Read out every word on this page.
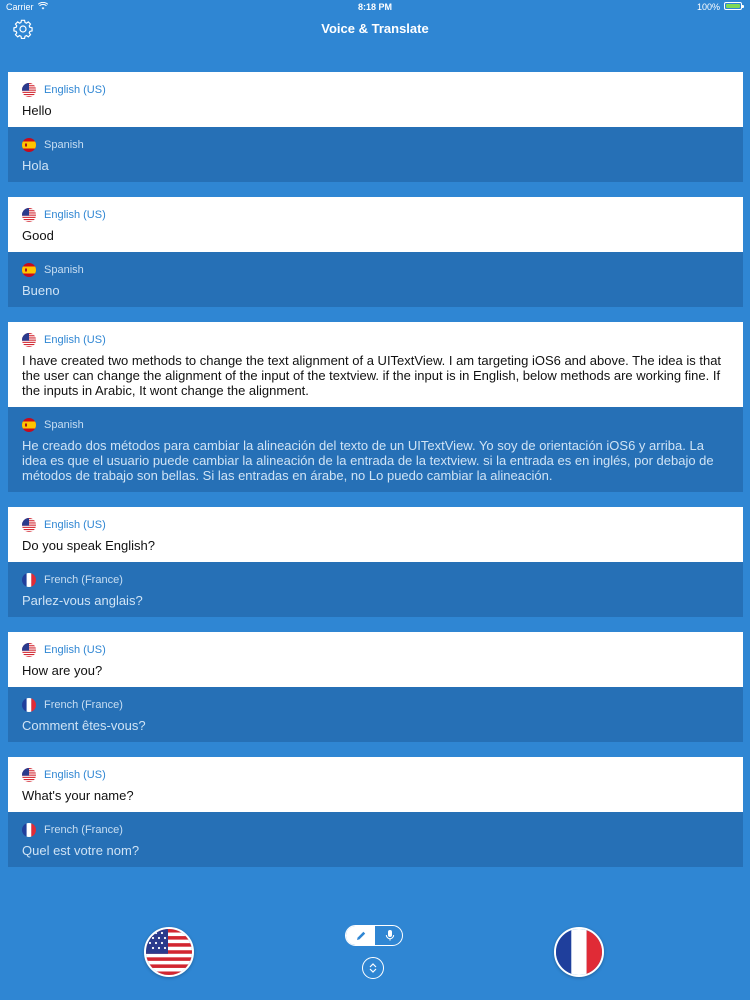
Carrier	8:18 PM	100%
Voice & Translate
English (US)
Hello
Spanish
Hola
English (US)
Good
Spanish
Bueno
English (US)
I have created two methods to change the text alignment of a UITextView. I am targeting iOS6 and above. The idea is that the user can change the alignment of the input of the textview. if the input is in English, below methods are working fine. If the inputs in Arabic, It wont change the alignment.
Spanish
He creado dos métodos para cambiar la alineación del texto de un UITextView. Yo soy de orientación iOS6 y arriba. La idea es que el usuario puede cambiar la alineación de la entrada de la textview. si la entrada es en inglés, por debajo de métodos de trabajo son bellas. Si las entradas en árabe, no Lo puedo cambiar la alineación.
English (US)
Do you speak English?
French (France)
Parlez-vous anglais?
English (US)
How are you?
French (France)
Comment êtes-vous?
English (US)
What's your name?
French (France)
Quel est votre nom?
